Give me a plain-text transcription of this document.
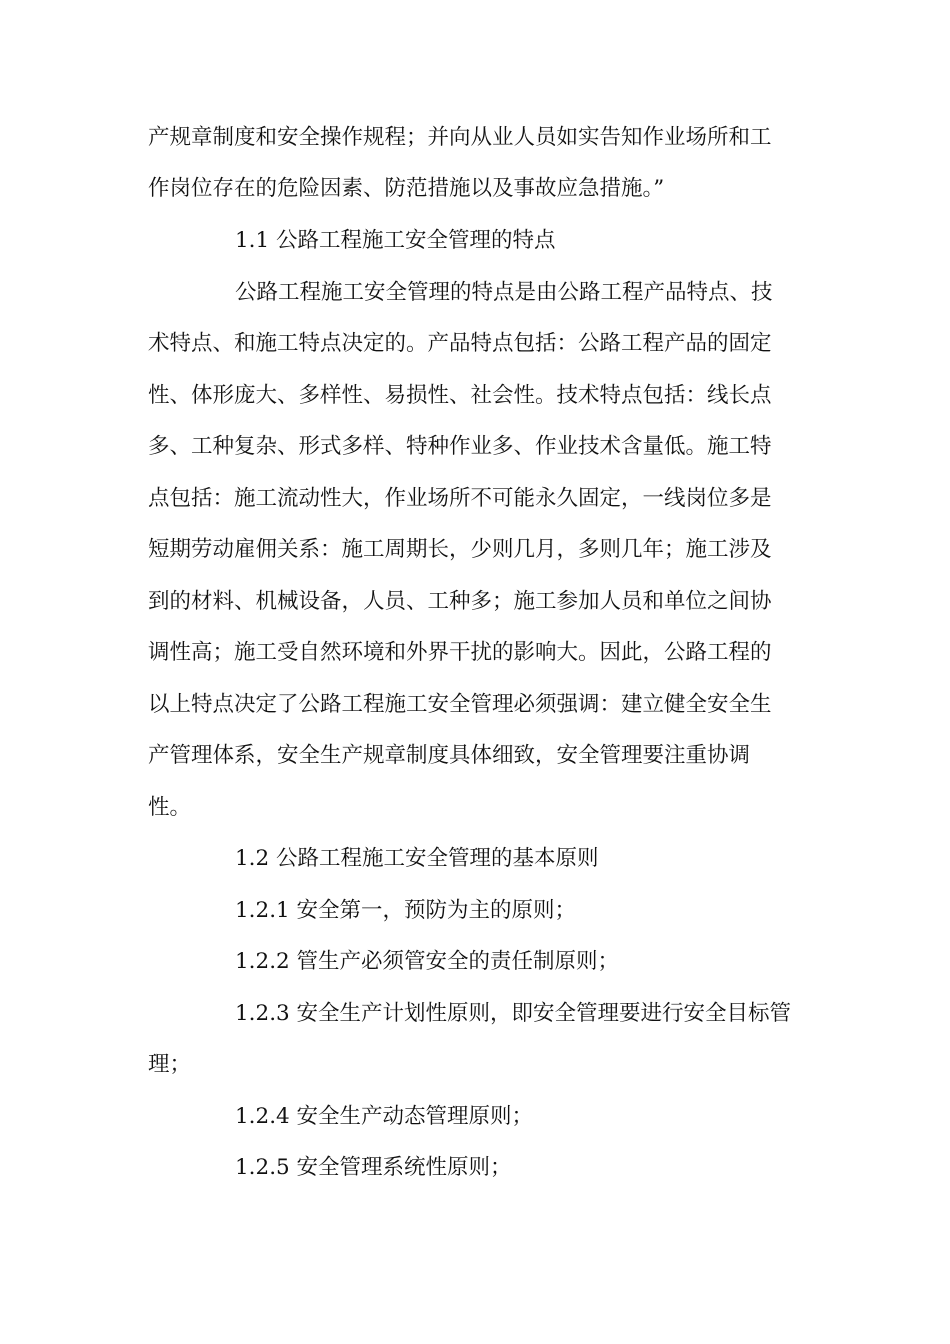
产规章制度和安全操作规程；并向从业人员如实告知作业场所和工
作岗位存在的危险因素、防范措施以及事故应急措施。”
1.1 公路工程施工安全管理的特点
公路工程施工安全管理的特点是由公路工程产品特点、技
术特点、和施工特点决定的。产品特点包括：公路工程产品的固定
性、体形庞大、多样性、易损性、社会性。技术特点包括：线长点
多、工种复杂、形式多样、特种作业多、作业技术含量低。施工特
点包括：施工流动性大，作业场所不可能永久固定，一线岗位多是
短期劳动雇佣关系：施工周期长，少则几月，多则几年；施工涉及
到的材料、机械设备，人员、工种多；施工参加人员和单位之间协
调性高；施工受自然环境和外界干扰的影响大。因此，公路工程的
以上特点决定了公路工程施工安全管理必须强调：建立健全安全生
产管理体系，安全生产规章制度具体细致，安全管理要注重协调
性。
1.2 公路工程施工安全管理的基本原则
1.2.1 安全第一，预防为主的原则；
1.2.2 管生产必须管安全的责任制原则；
1.2.3 安全生产计划性原则，即安全管理要进行安全目标管
理；
1.2.4 安全生产动态管理原则；
1.2.5 安全管理系统性原则；
